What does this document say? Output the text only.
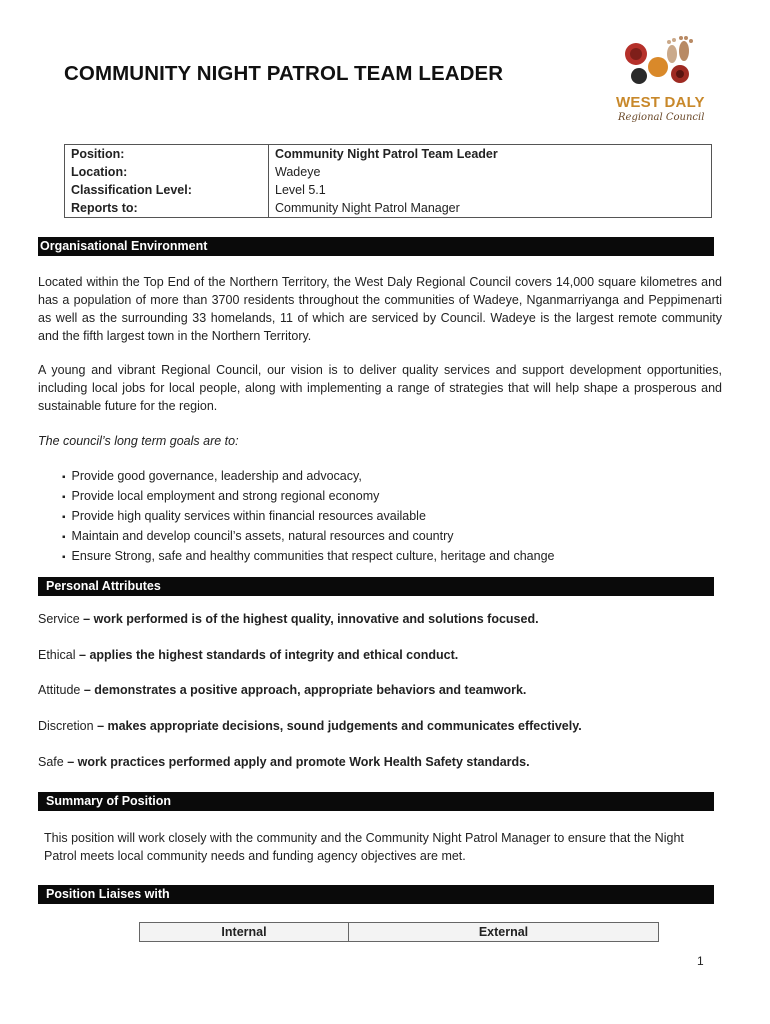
COMMUNITY NIGHT PATROL TEAM LEADER
WEST DALY
Regional Council
Position:	Community Night Patrol Team Leader
Location:	Wadeye
Classification Level:	Level 5.1
Reports to:	Community Night Patrol Manager
Organisational Environment
Located within the Top End of the Northern Territory, the West Daly Regional Council covers 14,000 square kilometres and has a population of more than 3700 residents throughout the communities of Wadeye, Nganmarriyanga and Peppimenarti as well as the surrounding 33 homelands, 11 of which are serviced by Council. Wadeye is the largest remote community and the fifth largest town in the Northern Territory.
A young and vibrant Regional Council, our vision is to deliver quality services and support development opportunities, including local jobs for local people, along with implementing a range of strategies that will help shape a prosperous and sustainable future for the region.
The council’s long term goals are to:
▪ Provide good governance, leadership and advocacy,
▪ Provide local employment and strong regional economy
▪ Provide high quality services within financial resources available
▪ Maintain and develop council’s assets, natural resources and country
▪ Ensure Strong, safe and healthy communities that respect culture, heritage and change
Personal Attributes
Service – work performed is of the highest quality, innovative and solutions focused.
Ethical – applies the highest standards of integrity and ethical conduct.
Attitude – demonstrates a positive approach, appropriate behaviors and teamwork.
Discretion – makes appropriate decisions, sound judgements and communicates effectively.
Safe – work practices performed apply and promote Work Health Safety standards.
Summary of Position
This position will work closely with the community and the Community Night Patrol Manager to ensure that the Night Patrol meets local community needs and funding agency objectives are met.
Position Liaises with
Internal	External
1
